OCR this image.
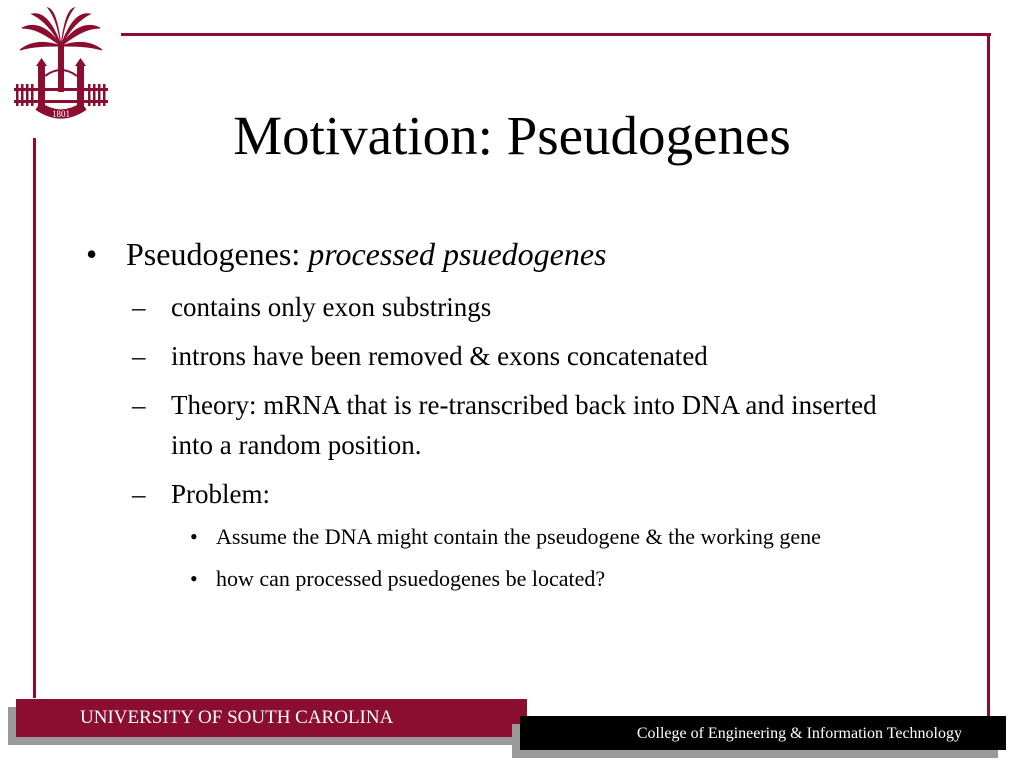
1801	Motivation: Pseudogenes
• Pseudogenes: processed psuedogenes
– contains only exon substrings
– introns have been removed & exons concatenated
– Theory: mRNA that is re-transcribed back into DNA and inserted into a random position.
– Problem:
• Assume the DNA might contain the pseudogene & the working gene
• how can processed psuedogenes be located?
UNIVERSITY OF SOUTH CAROLINA
College of Engineering & Information Technology
